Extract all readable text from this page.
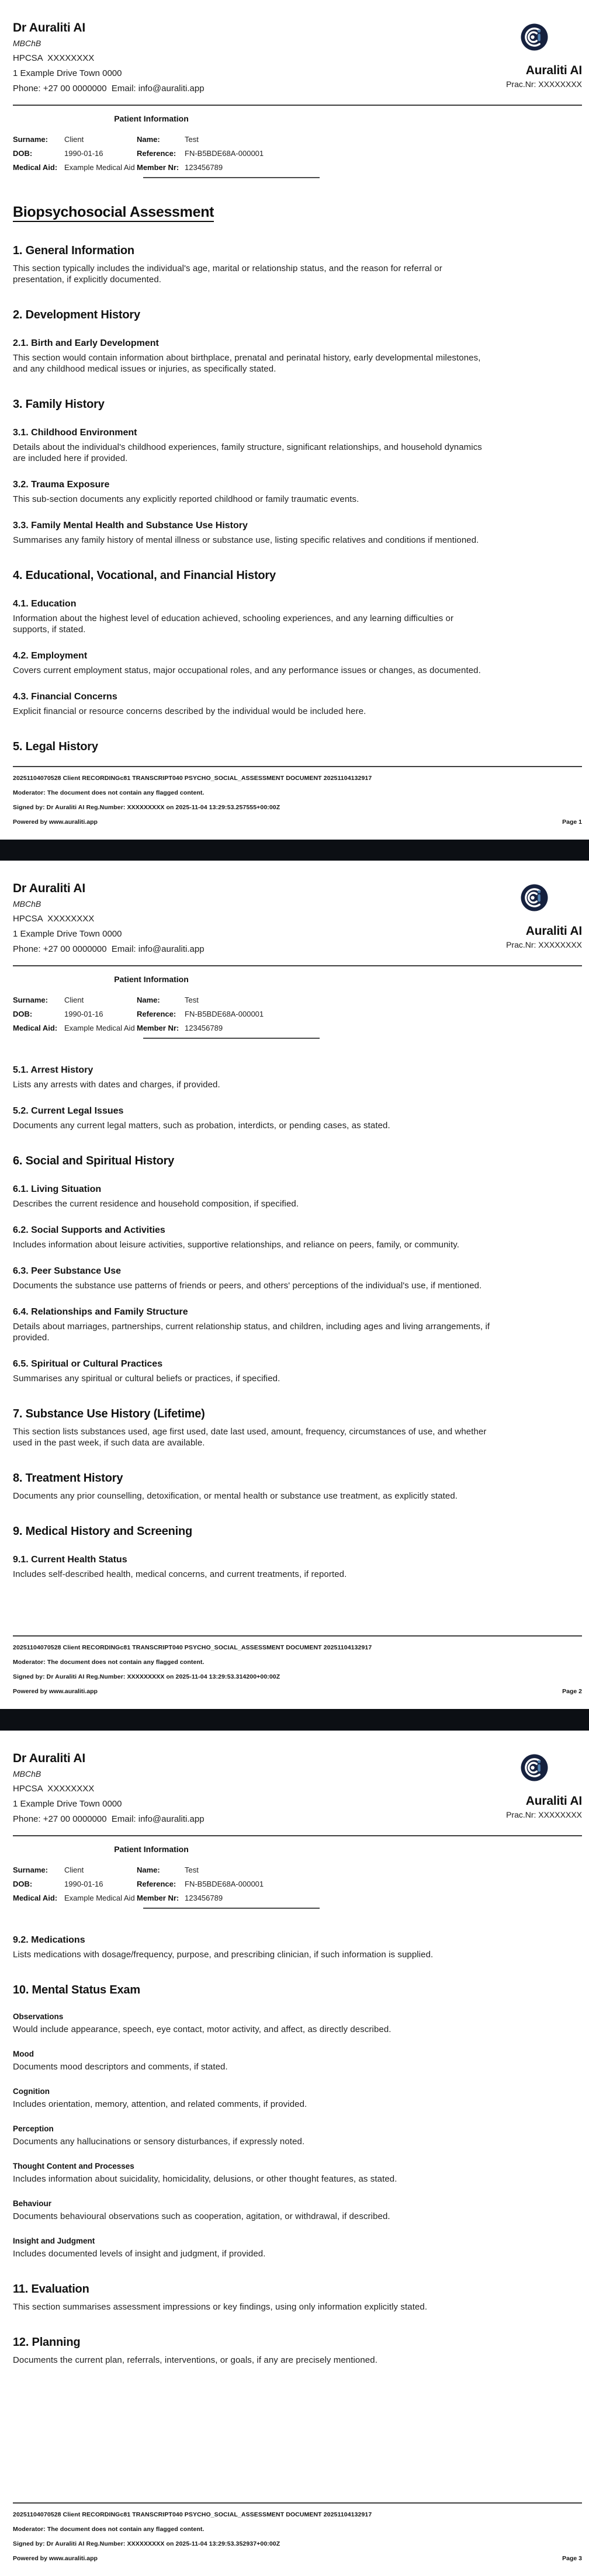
Dr Auraliti AI
MBChB
HPCSA  XXXXXXXX
1 Example Drive Town 0000
Phone: +27 00 0000000  Email: info@auraliti.app
Auraliti AI
Prac.Nr: XXXXXXXX
Patient Information
Surname:	Client	Name:	Test
DOB:	1990-01-16	Reference:	FN-B5BDE68A-000001
Medical Aid: Example Medical Aid Member Nr: 123456789
Biopsychosocial Assessment
1. General Information

This section typically includes the individual's age, marital or relationship status, and the reason for referral or presentation, if explicitly documented.

2. Development History
2.1. Birth and Early Development

This section would contain information about birthplace, prenatal and perinatal history, early developmental milestones, and any childhood medical issues or injuries, as specifically stated.

3. Family History
3.1. Childhood Environment

Details about the individual's childhood experiences, family structure, significant relationships, and household dynamics are included here if provided.

3.2. Trauma Exposure

This sub-section documents any explicitly reported childhood or family traumatic events.

3.3. Family Mental Health and Substance Use History

Summarises any family history of mental illness or substance use, listing specific relatives and conditions if mentioned.

4. Educational, Vocational, and Financial History
4.1. Education

Information about the highest level of education achieved, schooling experiences, and any learning difficulties or supports, if stated.

4.2. Employment

Covers current employment status, major occupational roles, and any performance issues or changes, as documented.

4.3. Financial Concerns

Explicit financial or resource concerns described by the individual would be included here.

5. Legal History
20251104070528 Client RECORDINGc81 TRANSCRIPT040 PSYCHO_SOCIAL_ASSESSMENT DOCUMENT 20251104132917
Moderator: The document does not contain any flagged content.
Signed by: Dr Auraliti AI Reg.Number: XXXXXXXXX on 2025-11-04 13:29:53.257555+00:00Z
Powered by www.auraliti.app	Page 1
Dr Auraliti AI
MBChB
HPCSA  XXXXXXXX
1 Example Drive Town 0000
Phone: +27 00 0000000  Email: info@auraliti.app
Auraliti AI
Prac.Nr: XXXXXXXX
Patient Information
Surname:	Client	Name:	Test
DOB:	1990-01-16	Reference:	FN-B5BDE68A-000001
Medical Aid: Example Medical Aid Member Nr: 123456789
5.1. Arrest History

Lists any arrests with dates and charges, if provided.

5.2. Current Legal Issues

Documents any current legal matters, such as probation, interdicts, or pending cases, as stated.

6. Social and Spiritual History
6.1. Living Situation

Describes the current residence and household composition, if specified.

6.2. Social Supports and Activities

Includes information about leisure activities, supportive relationships, and reliance on peers, family, or community.

6.3. Peer Substance Use

Documents the substance use patterns of friends or peers, and others' perceptions of the individual's use, if mentioned.

6.4. Relationships and Family Structure

Details about marriages, partnerships, current relationship status, and children, including ages and living arrangements, if provided.

6.5. Spiritual or Cultural Practices

Summarises any spiritual or cultural beliefs or practices, if specified.

7. Substance Use History (Lifetime)

This section lists substances used, age first used, date last used, amount, frequency, circumstances of use, and whether used in the past week, if such data are available.

8. Treatment History

Documents any prior counselling, detoxification, or mental health or substance use treatment, as explicitly stated.

9. Medical History and Screening
9.1. Current Health Status

Includes self-described health, medical concerns, and current treatments, if reported.

20251104070528 Client RECORDINGc81 TRANSCRIPT040 PSYCHO_SOCIAL_ASSESSMENT DOCUMENT 20251104132917
Moderator: The document does not contain any flagged content.
Signed by: Dr Auraliti AI Reg.Number: XXXXXXXXX on 2025-11-04 13:29:53.314200+00:00Z
Powered by www.auraliti.app	Page 2
Dr Auraliti AI
MBChB
HPCSA  XXXXXXXX
1 Example Drive Town 0000
Phone: +27 00 0000000  Email: info@auraliti.app
Auraliti AI
Prac.Nr: XXXXXXXX
Patient Information
Surname:	Client	Name:	Test
DOB:	1990-01-16	Reference:	FN-B5BDE68A-000001
Medical Aid: Example Medical Aid Member Nr: 123456789
9.2. Medications

Lists medications with dosage/frequency, purpose, and prescribing clinician, if such information is supplied.

10. Mental Status Exam
Observations

Would include appearance, speech, eye contact, motor activity, and affect, as directly described.

Mood

Documents mood descriptors and comments, if stated.

Cognition

Includes orientation, memory, attention, and related comments, if provided.

Perception

Documents any hallucinations or sensory disturbances, if expressly noted.

Thought Content and Processes

Includes information about suicidality, homicidality, delusions, or other thought features, as stated.

Behaviour

Documents behavioural observations such as cooperation, agitation, or withdrawal, if described.

Insight and Judgment

Includes documented levels of insight and judgment, if provided.

11. Evaluation

This section summarises assessment impressions or key findings, using only information explicitly stated.

12. Planning

Documents the current plan, referrals, interventions, or goals, if any are precisely mentioned.

20251104070528 Client RECORDINGc81 TRANSCRIPT040 PSYCHO_SOCIAL_ASSESSMENT DOCUMENT 20251104132917
Moderator: The document does not contain any flagged content.
Signed by: Dr Auraliti AI Reg.Number: XXXXXXXXX on 2025-11-04 13:29:53.352937+00:00Z
Powered by www.auraliti.app	Page 3
